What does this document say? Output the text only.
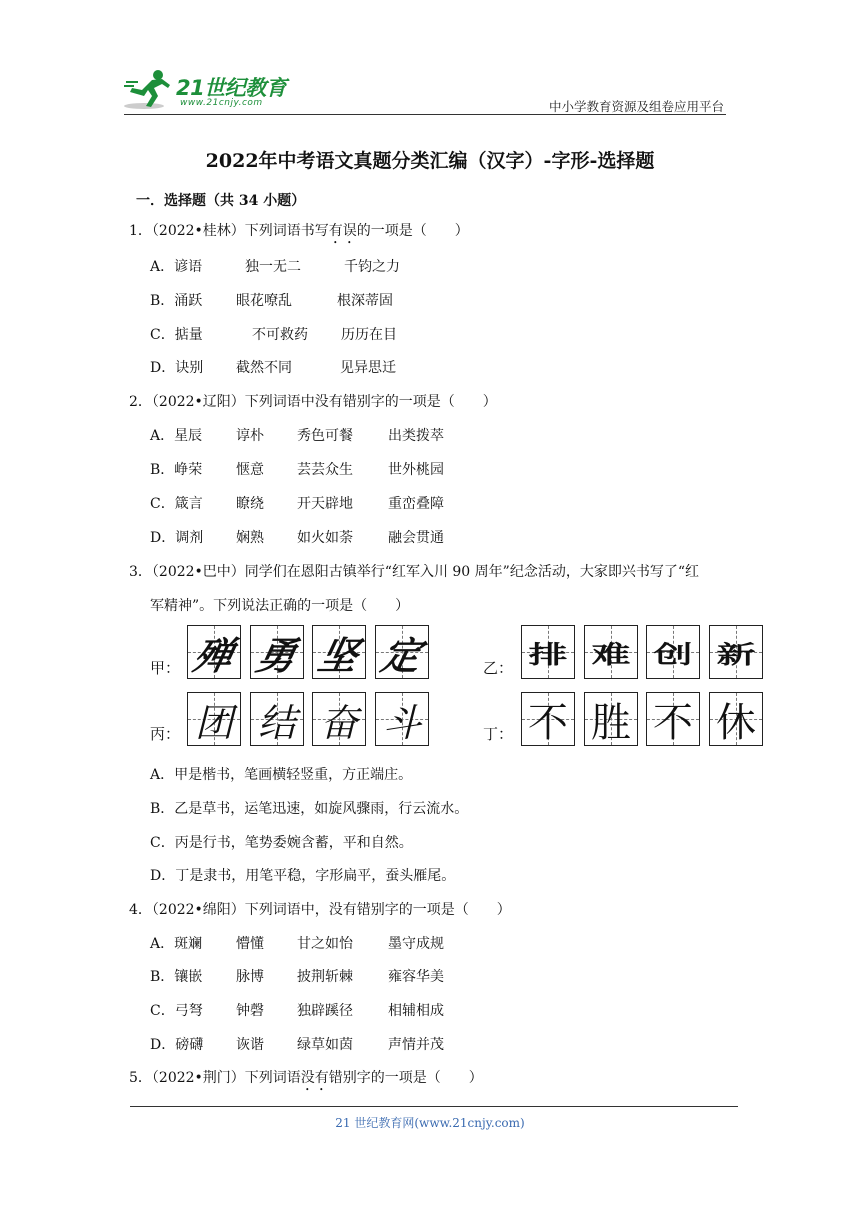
21世纪教育
www.21cnjy.com	中小学教育资源及组卷应用平台
2022年中考语文真题分类汇编（汉字）-字形-选择题
一．选择题（共 34 小题）
1．（2022•桂林）下列词语书写有误的一项是（　　）
A．谚语	独一无二	千钧之力
B．涌跃 眼花嘹乱	根深蒂固
C．掂量	不可救药 历历在目
D．诀别 截然不同	见异思迁
2．（2022•辽阳）下列词语中没有错别字的一项是（　　）
A．星辰 谆朴 秀色可餐	出类拨萃
B．峥荣 惬意 芸芸众生	世外桃园
C．箴言 瞭绕 开天辟地	重峦叠障
D．调剂 娴熟 如火如荼	融会贯通
3．（2022•巴中）同学们在恩阳古镇举行“红军入川 90 周年”纪念活动，大家即兴书写了“红
军精神”。下列说法正确的一项是（　　）
甲： 殚 勇 坚 定	乙： 排 难 创 新
丙： 团 结 奋 斗	丁： 不 胜 不 休
A．甲是楷书，笔画横轻竖重，方正端庄。
B．乙是草书，运笔迅速，如旋风骤雨，行云流水。
C．丙是行书，笔势委婉含蓄，平和自然。
D．丁是隶书，用笔平稳，字形扁平，蚕头雁尾。
4．（2022•绵阳）下列词语中，没有错别字的一项是（　　）
A．斑斓 懵懂 甘之如怡	墨守成规
B．镶嵌 脉博 披荆斩棘	雍容华美
C．弓弩 钟磬 独辟蹊径	相辅相成
D．磅礴 诙谐 绿草如茵	声情并茂
5．（2022•荆门）下列词语没有错别字的一项是（　　）
21 世纪教育网(www.21cnjy.com)
